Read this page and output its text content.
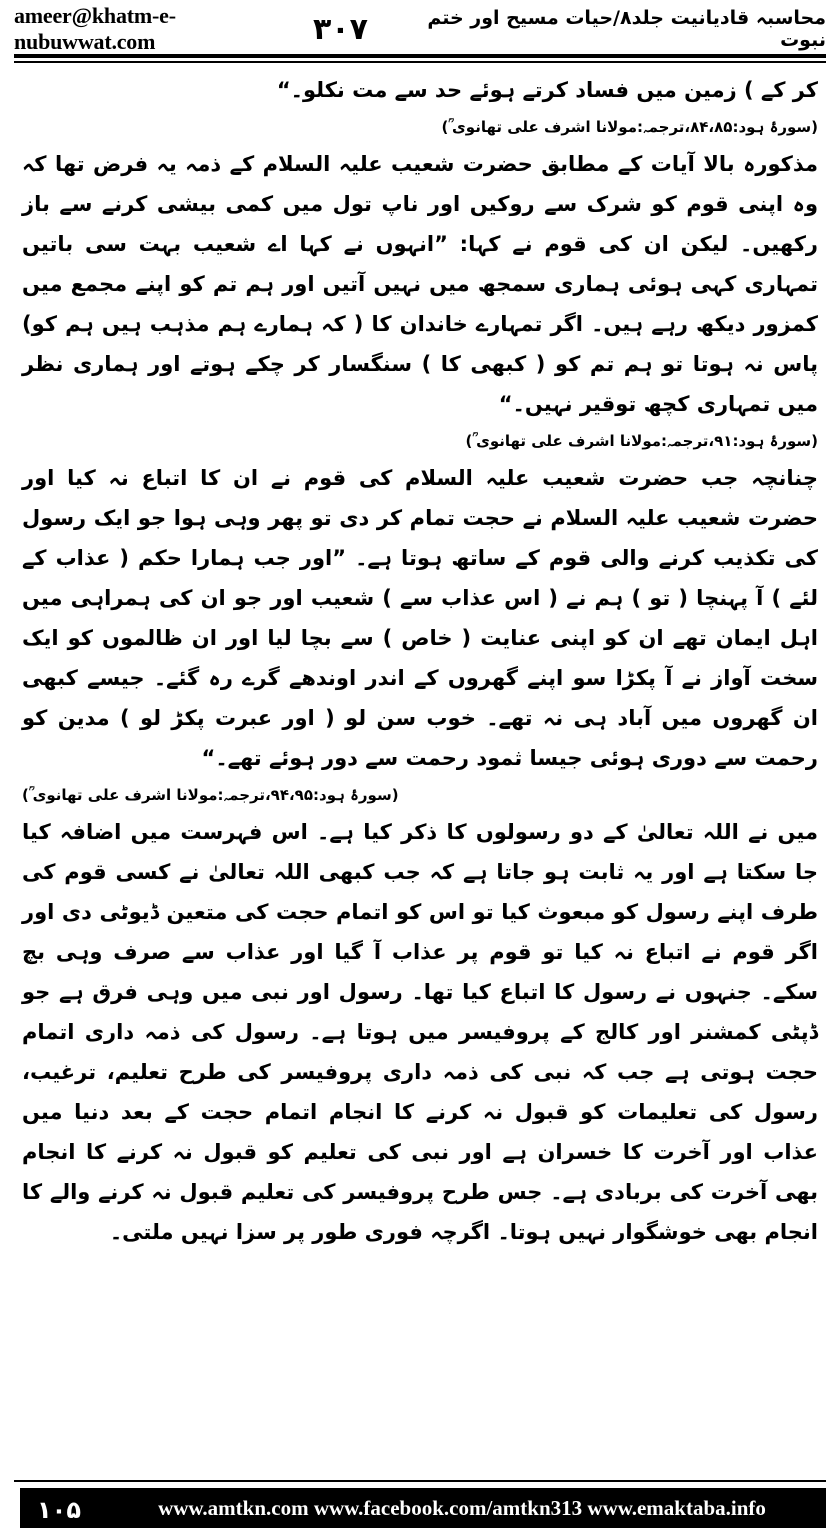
ameer@khatm-e-nubuwwat.com
محاسبہ قادیانیت جلد۸/حیات مسیح اور ختم نبوت
۳۰۷

کر کے ) زمین میں فساد کرتے ہوئے حد سے مت نکلو۔“

(سورۂ ہود:۸۴،۸۵،ترجمہ:مولانا اشرف علی تھانوی ؒ)

مذکورہ بالا آیات کے مطابق حضرت شعیب علیہ السلام کے ذمہ یہ فرض تھا کہ وہ اپنی قوم کو شرک سے روکیں اور ناپ تول میں کمی بیشی کرنے سے باز رکھیں۔ لیکن ان کی قوم نے کہا: ”انہوں نے کہا اے شعیب بہت سی باتیں تمہاری کہی ہوئی ہماری سمجھ میں نہیں آتیں اور ہم تم کو اپنے مجمع میں کمزور دیکھ رہے ہیں۔ اگر تمہارے خاندان کا ( کہ ہمارے ہم مذہب ہیں ہم کو) پاس نہ ہوتا تو ہم تم کو ( کبھی کا ) سنگسار کر چکے ہوتے اور ہماری نظر میں تمہاری کچھ توقیر نہیں۔“

(سورۂ ہود:۹۱،ترجمہ:مولانا اشرف علی تھانوی ؒ)

چنانچہ جب حضرت شعیب علیہ السلام کی قوم نے ان کا اتباع نہ کیا اور حضرت شعیب علیہ السلام نے حجت تمام کر دی تو پھر وہی ہوا جو ایک رسول کی تکذیب کرنے والی قوم کے ساتھ ہوتا ہے۔ ”اور جب ہمارا حکم ( عذاب کے لئے ) آ پہنچا ( تو ) ہم نے ( اس عذاب سے ) شعیب اور جو ان کی ہمراہی میں اہل ایمان تھے ان کو اپنی عنایت ( خاص ) سے بچا لیا اور ان ظالموں کو ایک سخت آواز نے آ پکڑا سو اپنے گھروں کے اندر اوندھے گرے رہ گئے۔ جیسے کبھی ان گھروں میں آباد ہی نہ تھے۔ خوب سن لو ( اور عبرت پکڑ لو ) مدین کو رحمت سے دوری ہوئی جیسا ثمود رحمت سے دور ہوئے تھے۔“

(سورۂ ہود:۹۴،۹۵،ترجمہ:مولانا اشرف علی تھانوی ؒ)

میں نے اللہ تعالیٰ کے دو رسولوں کا ذکر کیا ہے۔ اس فہرست میں اضافہ کیا جا سکتا ہے اور یہ ثابت ہو جاتا ہے کہ جب کبھی اللہ تعالیٰ نے کسی قوم کی طرف اپنے رسول کو مبعوث کیا تو اس کو اتمام حجت کی متعین ڈیوٹی دی اور اگر قوم نے اتباع نہ کیا تو قوم پر عذاب آ گیا اور عذاب سے صرف وہی بچ سکے۔ جنہوں نے رسول کا اتباع کیا تھا۔ رسول اور نبی میں وہی فرق ہے جو ڈپٹی کمشنر اور کالج کے پروفیسر میں ہوتا ہے۔ رسول کی ذمہ داری اتمام حجت ہوتی ہے جب کہ نبی کی ذمہ داری پروفیسر کی طرح تعلیم، ترغیب، رسول کی تعلیمات کو قبول نہ کرنے کا انجام اتمام حجت کے بعد دنیا میں عذاب اور آخرت کا خسران ہے اور نبی کی تعلیم کو قبول نہ کرنے کا انجام بھی آخرت کی بربادی ہے۔ جس طرح پروفیسر کی تعلیم قبول نہ کرنے والے کا انجام بھی خوشگوار نہیں ہوتا۔ اگرچہ فوری طور پر سزا نہیں ملتی۔

۱۰۵	www.amtkn.com www.facebook.com/amtkn313 www.emaktaba.info
